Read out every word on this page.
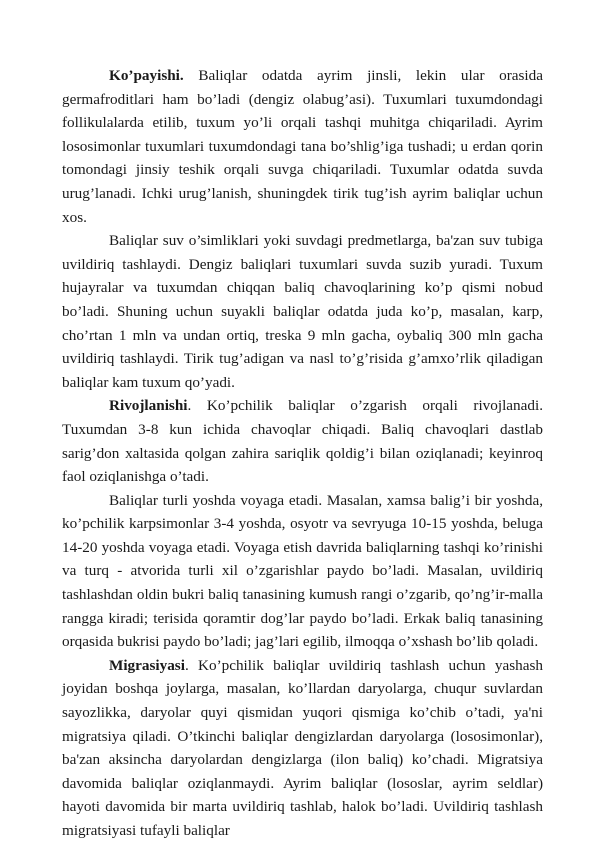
Ko’payishi. Baliqlar odatda ayrim jinsli, lekin ular orasida germafroditlari ham bo’ladi (dengiz olabug’asi). Tuxumlari tuxumdondagi follikulalarda etilib, tuxum yo’li orqali tashqi muhitga chiqariladi. Ayrim lososimonlar tuxumlari tuxumdondagi tana bo’shlig’iga tushadi; u erdan qorin tomondagi jinsiy teshik orqali suvga chiqariladi. Tuxumlar odatda suvda urug’lanadi. Ichki urug’lanish, shuningdek tirik tug’ish ayrim baliqlar uchun xos.

Baliqlar suv o’simliklari yoki suvdagi predmetlarga, ba'zan suv tubiga uvildiriq tashlaydi. Dengiz baliqlari tuxumlari suvda suzib yuradi. Tuxum hujayralar va tuxumdan chiqqan baliq chavoqlarining ko’p qismi nobud bo’ladi. Shuning uchun suyakli baliqlar odatda juda ko’p, masalan, karp, cho’rtan 1 mln va undan ortiq, treska 9 mln gacha, oybaliq 300 mln gacha uvildiriq tashlaydi. Tirik tug’adigan va nasl to’g’risida g’amxo’rlik qiladigan baliqlar kam tuxum qo’yadi.

Rivojlanishi. Ko’pchilik baliqlar o’zgarish orqali rivojlanadi. Tuxumdan 3-8 kun ichida chavoqlar chiqadi. Baliq chavoqlari dastlab sarig’don xaltasida qolgan zahira sariqlik qoldig’i bilan oziqlanadi; keyinroq faol oziqlanishga o’tadi.

Baliqlar turli yoshda voyaga etadi. Masalan, xamsa balig’i bir yoshda, ko’pchilik karpsimonlar 3-4 yoshda, osyotr va sevryuga 10-15 yoshda, beluga 14-20 yoshda voyaga etadi. Voyaga etish davrida baliqlarning tashqi ko’rinishi va turq - atvorida turli xil o’zgarishlar paydo bo’ladi. Masalan, uvildiriq tashlashdan oldin bukri baliq tanasining kumush rangi o’zgarib, qo’ng’ir-malla rangga kiradi; terisida qoramtir dog’lar paydo bo’ladi. Erkak baliq tanasining orqasida bukrisi paydo bo’ladi; jag’lari egilib, ilmoqqa o’xshash bo’lib qoladi.

Migrasiyasi. Ko’pchilik baliqlar uvildiriq tashlash uchun yashash joyidan boshqa joylarga, masalan, ko’llardan daryolarga, chuqur suvlardan sayozlikka, daryolar quyi qismidan yuqori qismiga ko’chib o’tadi, ya'ni migratsiya qiladi. O’tkinchi baliqlar dengizlardan daryolarga (lososimonlar), ba'zan aksincha daryolardan dengizlarga (ilon baliq) ko’chadi. Migratsiya davomida baliqlar oziqlanmaydi. Ayrim baliqlar (lososlar, ayrim seldlar) hayoti davomida bir marta uvildiriq tashlab, halok bo’ladi. Uvildiriq tashlash migratsiyasi tufayli baliqlar
